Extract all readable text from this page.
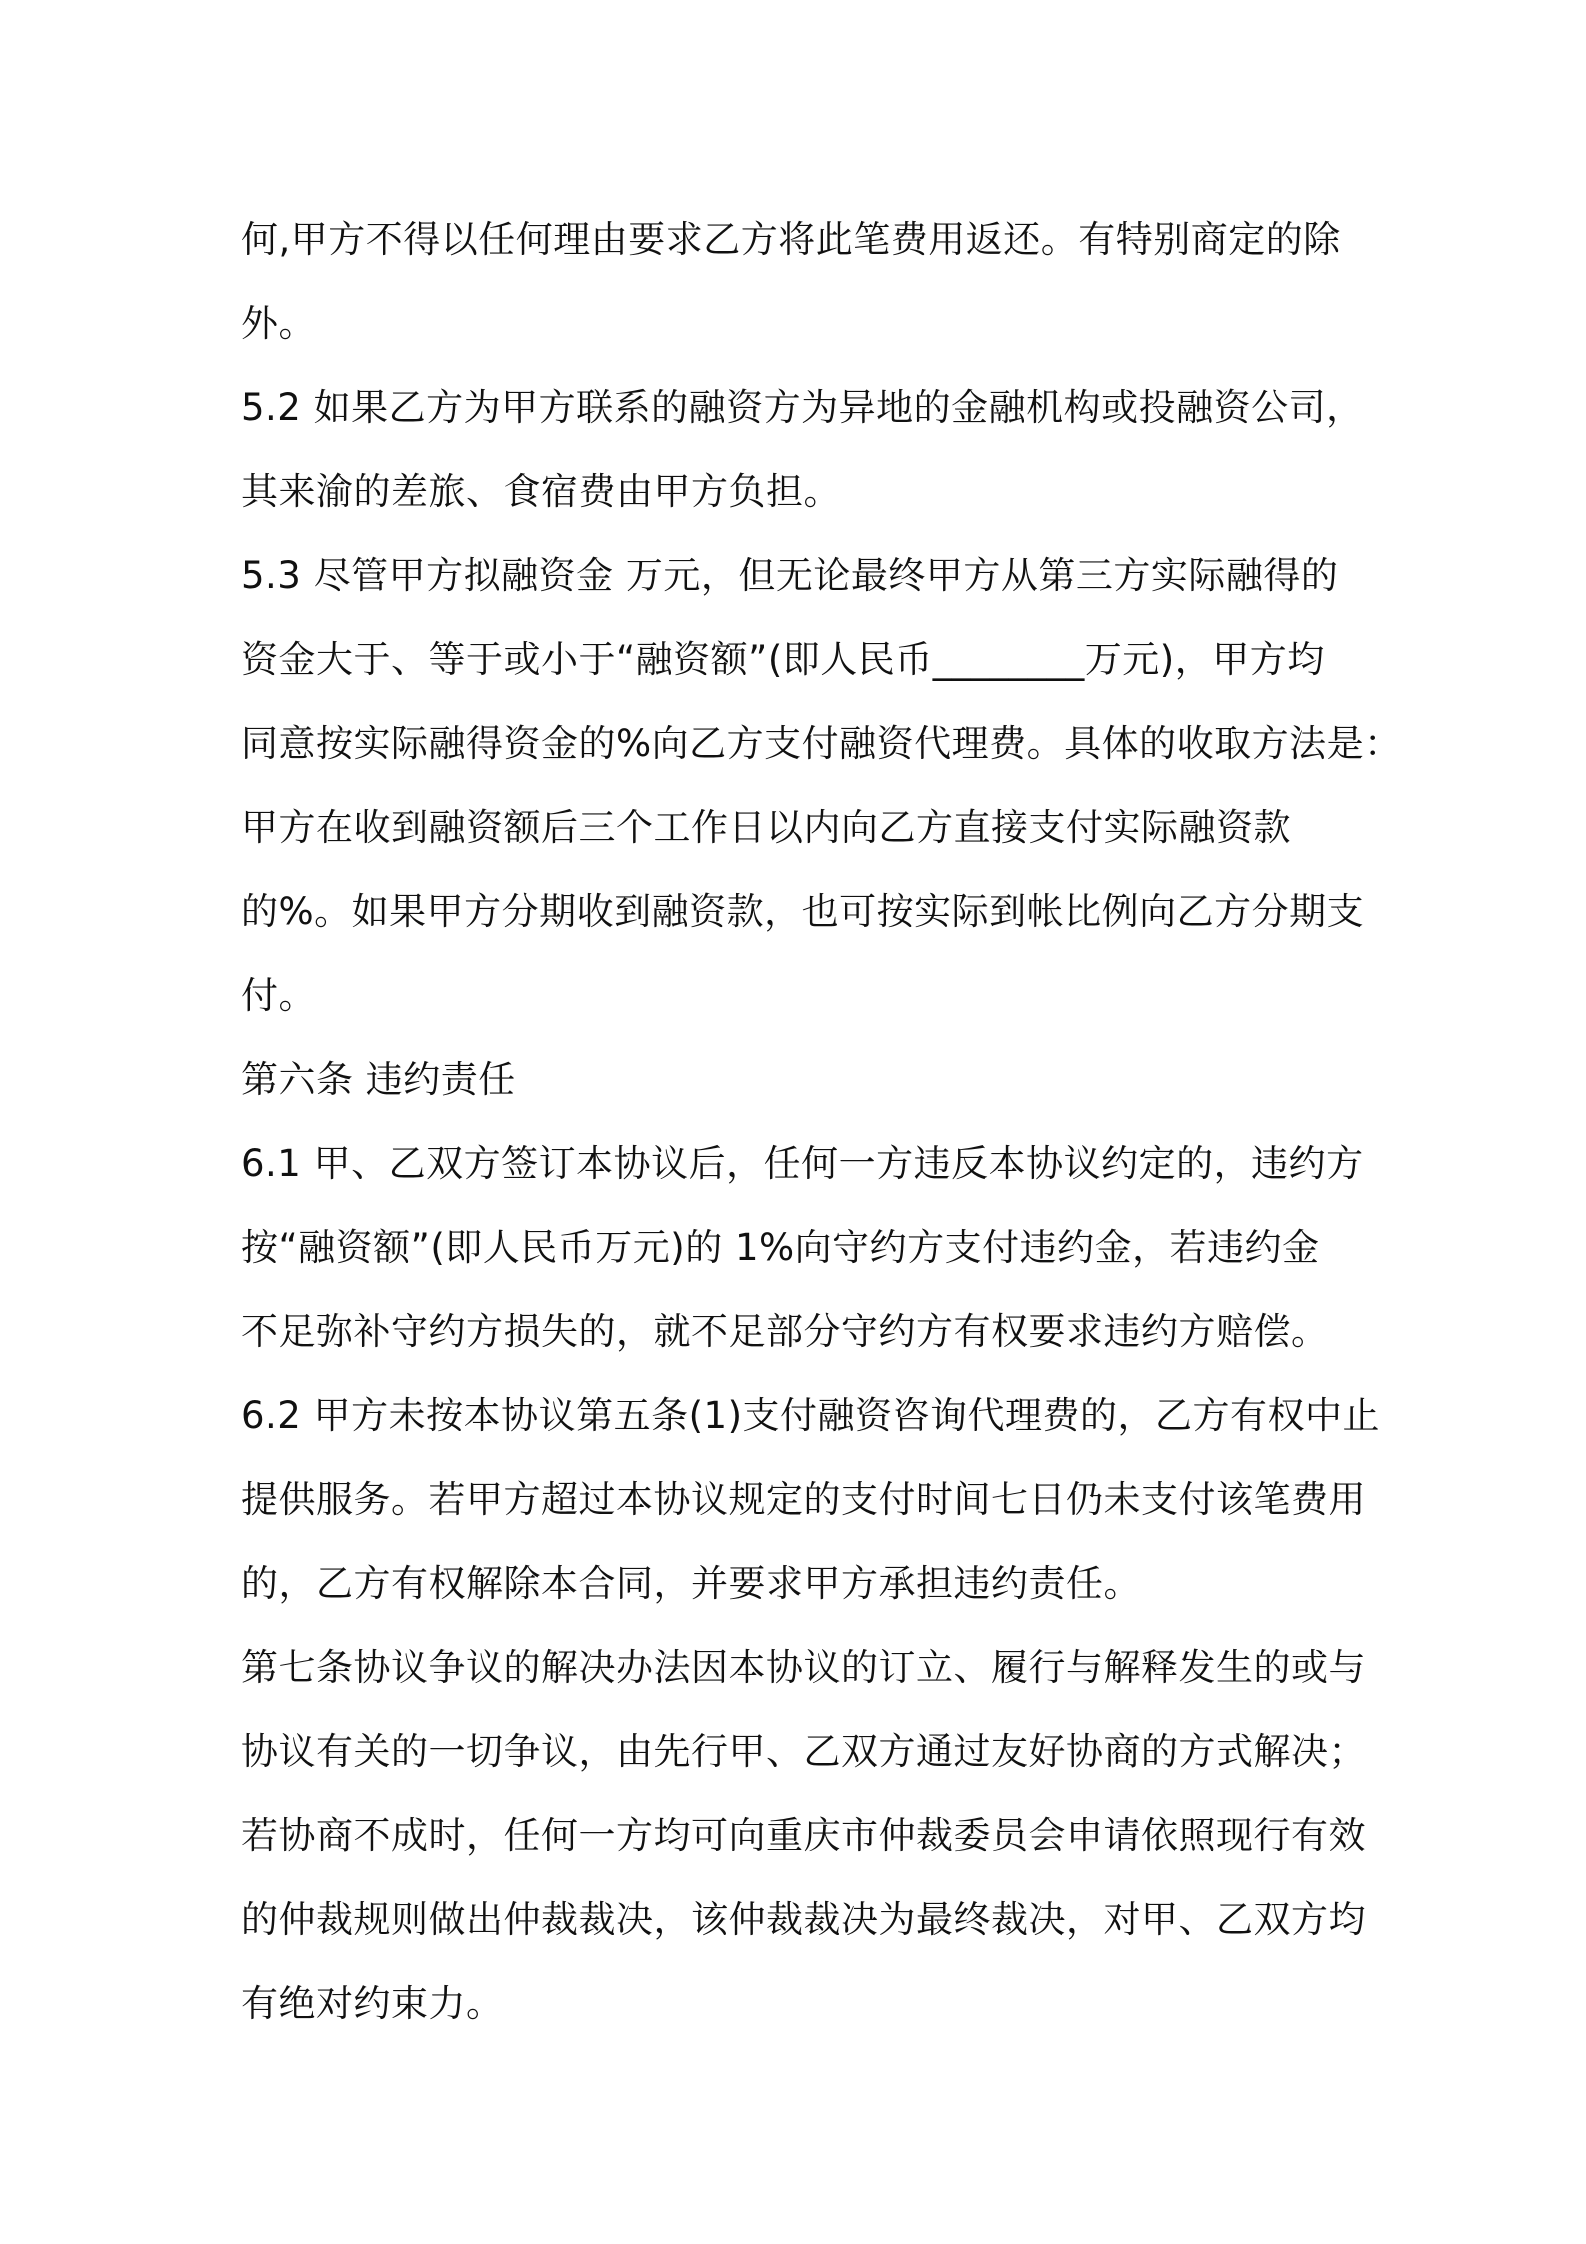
何,甲方不得以任何理由要求乙方将此笔费用返还。有特别商定的除
外。
5.2 如果乙方为甲方联系的融资方为异地的金融机构或投融资公司，
其来渝的差旅、食宿费由甲方负担。
5.3 尽管甲方拟融资金 万元，但无论最终甲方从第三方实际融得的
资金大于、等于或小于“融资额”(即人民币________万元)，甲方均
同意按实际融得资金的%向乙方支付融资代理费。具体的收取方法是：
甲方在收到融资额后三个工作日以内向乙方直接支付实际融资款
的%。如果甲方分期收到融资款，也可按实际到帐比例向乙方分期支
付。
第六条 违约责任
6.1 甲、乙双方签订本协议后，任何一方违反本协议约定的，违约方
按“融资额”(即人民币万元)的 1%向守约方支付违约金，若违约金
不足弥补守约方损失的，就不足部分守约方有权要求违约方赔偿。
6.2 甲方未按本协议第五条(1)支付融资咨询代理费的，乙方有权中止
提供服务。若甲方超过本协议规定的支付时间七日仍未支付该笔费用
的，乙方有权解除本合同，并要求甲方承担违约责任。
第七条协议争议的解决办法因本协议的订立、履行与解释发生的或与
协议有关的一切争议，由先行甲、乙双方通过友好协商的方式解决；
若协商不成时，任何一方均可向重庆市仲裁委员会申请依照现行有效
的仲裁规则做出仲裁裁决，该仲裁裁决为最终裁决，对甲、乙双方均
有绝对约束力。
